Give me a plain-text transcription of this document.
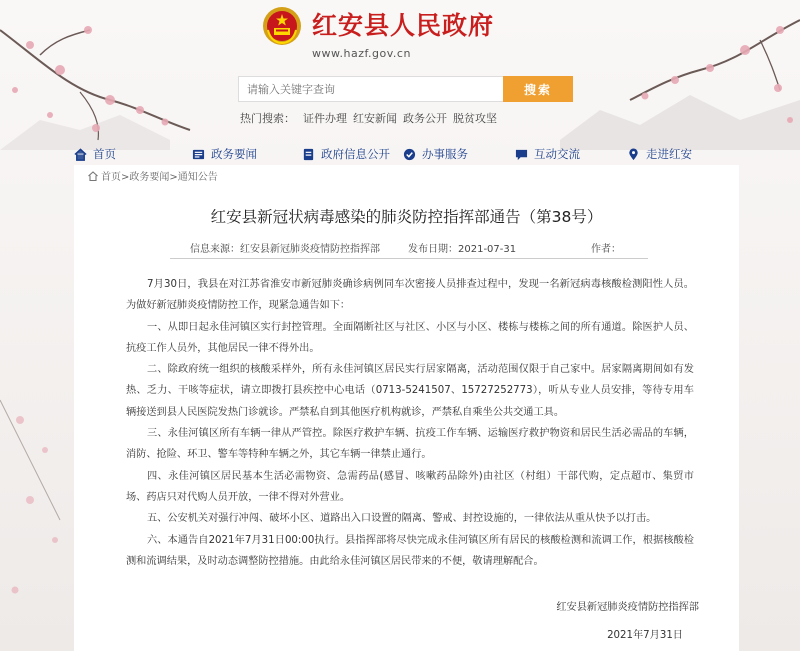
红安县人民政府
www.hazf.gov.cn
请输入关键字查询
搜索
热门搜索： 证件办理 红安新闻 政务公开 脱贫攻坚
首页	政务要闻	政府信息公开	办事服务	互动交流	走进红安
首页>政务要闻>通知公告
红安县新冠状病毒感染的肺炎防控指挥部通告（第38号）
信息来源：红安县新冠肺炎疫情防控指挥部	发布日期：2021-07-31	作者：

7月30日，我县在对江苏省淮安市新冠肺炎确诊病例同车次密接人员排查过程中，发现一名新冠病毒核酸检测阳性人员。为做好新冠肺炎疫情防控工作，现紧急通告如下：

一、从即日起永佳河镇区实行封控管理。全面隔断社区与社区、小区与小区、楼栋与楼栋之间的所有通道。除医护人员、抗疫工作人员外，其他居民一律不得外出。

二、除政府统一组织的核酸采样外，所有永佳河镇区居民实行居家隔离，活动范围仅限于自己家中。居家隔离期间如有发热、乏力、干咳等症状，请立即拨打县疾控中心电话（0713-5241507、15727252773），听从专业人员安排，等待专用车辆接送到县人民医院发热门诊就诊。严禁私自到其他医疗机构就诊，严禁私自乘坐公共交通工具。

三、永佳河镇区所有车辆一律从严管控。除医疗救护车辆、抗疫工作车辆、运输医疗救护物资和居民生活必需品的车辆，消防、抢险、环卫、警车等特种车辆之外，其它车辆一律禁止通行。

四、永佳河镇区居民基本生活必需物资、急需药品(感冒、咳嗽药品除外)由社区（村组）干部代购，定点超市、集贸市场、药店只对代购人员开放，一律不得对外营业。

五、公安机关对强行冲闯、破坏小区、道路出入口设置的隔离、警戒、封控设施的，一律依法从重从快予以打击。

六、本通告自2021年7月31日00:00执行。县指挥部将尽快完成永佳河镇区所有居民的核酸检测和流调工作，根据核酸检测和流调结果，及时动态调整防控措施。由此给永佳河镇区居民带来的不便，敬请理解配合。

红安县新冠肺炎疫情防控指挥部
2021年7月31日
